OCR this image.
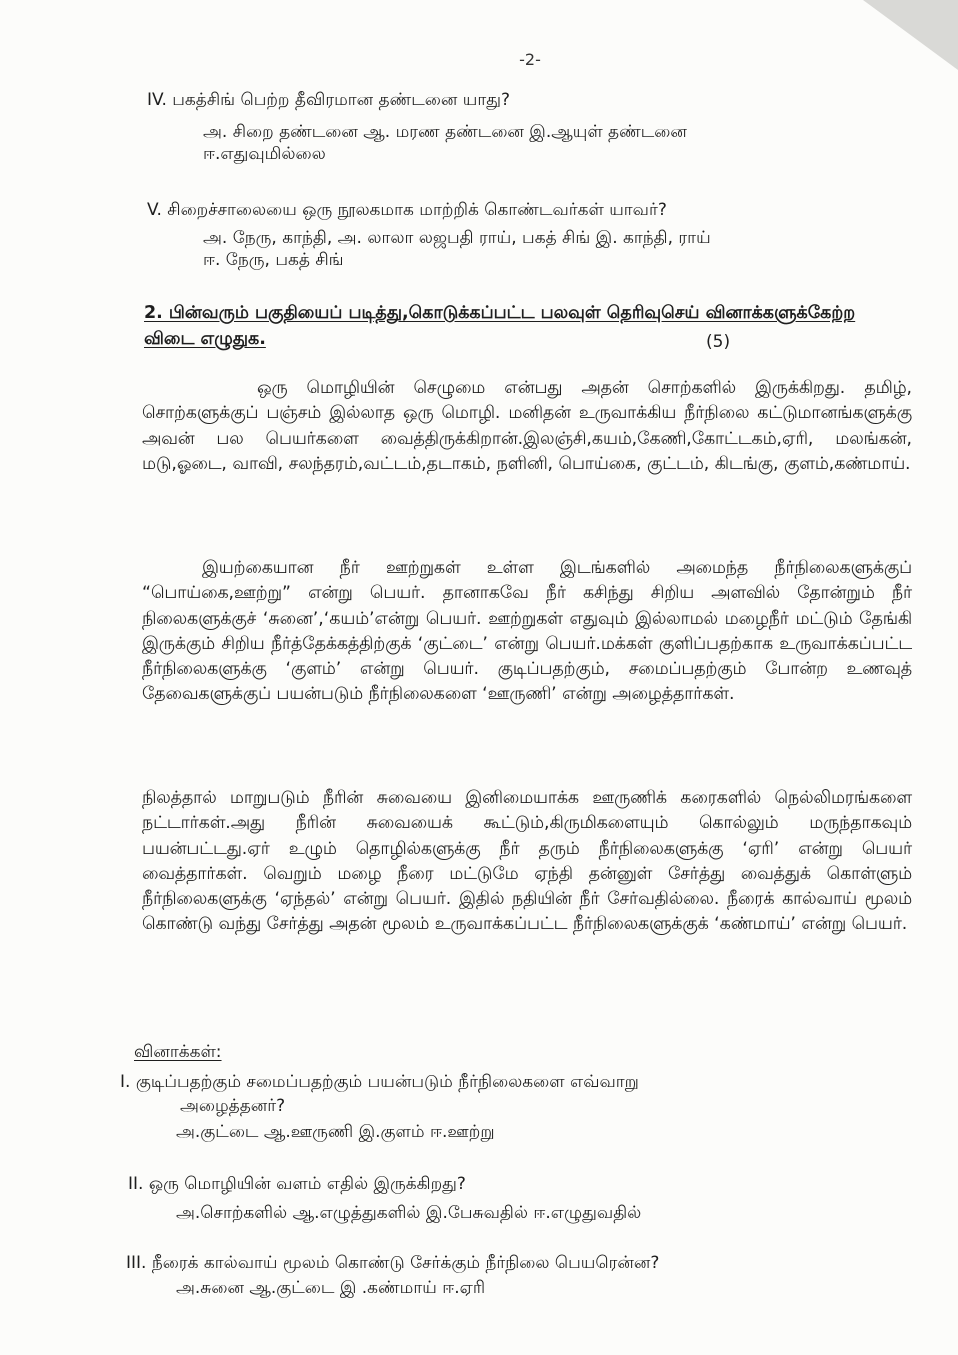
-2-
IV. பகத்சிங் பெற்ற தீவிரமான தண்டனை யாது?
அ. சிறை தண்டனை ஆ. மரண தண்டனை இ.ஆயுள் தண்டனை
ஈ.எதுவுமில்லை
V. சிறைச்சாலையை ஒரு நூலகமாக மாற்றிக் கொண்டவர்கள் யாவர்?
அ. நேரு, காந்தி, அ. லாலா லஜபதி ராய், பகத் சிங் இ. காந்தி, ராய்
ஈ. நேரு, பகத் சிங்
2. பின்வரும் பகுதியைப் படித்து,கொடுக்கப்பட்ட பலவுள் தெரிவுசெய் வினாக்களுக்கேற்ற விடை எழுதுக.	(5)
ஒரு மொழியின் செழுமை என்பது அதன் சொற்களில் இருக்கிறது. தமிழ், சொற்களுக்குப் பஞ்சம் இல்லாத ஒரு மொழி. மனிதன் உருவாக்கிய நீர்நிலை கட்டுமானங்களுக்கு அவன் பல பெயர்களை வைத்திருக்கிறான்.இலஞ்சி,கயம்,கேணி,கோட்டகம்,ஏரி, மலங்கன், மடு,ஓடை, வாவி, சலந்தரம்,வட்டம்,தடாகம், நளினி, பொய்கை, குட்டம், கிடங்கு, குளம்,கண்மாய்.
இயற்கையான நீர் ஊற்றுகள் உள்ள இடங்களில் அமைந்த நீர்நிலைகளுக்குப் “பொய்கை,ஊற்று” என்று பெயர். தானாகவே நீர் கசிந்து சிறிய அளவில் தோன்றும் நீர் நிலைகளுக்குச் ‘சுனை’,‘கயம்’என்று பெயர். ஊற்றுகள் எதுவும் இல்லாமல் மழைநீர் மட்டும் தேங்கி இருக்கும் சிறிய நீர்த்தேக்கத்திற்குக் ‘குட்டை’ என்று பெயர்.மக்கள் குளிப்பதற்காக உருவாக்கப்பட்ட நீர்நிலைகளுக்கு ‘குளம்’ என்று பெயர். குடிப்பதற்கும், சமைப்பதற்கும் போன்ற உணவுத் தேவைகளுக்குப் பயன்படும் நீர்நிலைகளை ‘ஊருணி’ என்று அழைத்தார்கள்.
நிலத்தால் மாறுபடும் நீரின் சுவையை இனிமையாக்க ஊருணிக் கரைகளில் நெல்லிமரங்களை நட்டார்கள்.அது நீரின் சுவையைக் கூட்டும்,கிருமிகளையும் கொல்லும் மருந்தாகவும் பயன்பட்டது.ஏர் உழும் தொழில்களுக்கு நீர் தரும் நீர்நிலைகளுக்கு ‘ஏரி’ என்று பெயர் வைத்தார்கள். வெறும் மழை நீரை மட்டுமே ஏந்தி தன்னுள் சேர்த்து வைத்துக் கொள்ளும் நீர்நிலைகளுக்கு ‘ஏந்தல்’ என்று பெயர். இதில் நதியின் நீர் சேர்வதில்லை. நீரைக் கால்வாய் மூலம் கொண்டு வந்து சேர்த்து அதன் மூலம் உருவாக்கப்பட்ட நீர்நிலைகளுக்குக் ‘கண்மாய்’ என்று பெயர்.
வினாக்கள்:
I. குடிப்பதற்கும் சமைப்பதற்கும் பயன்படும் நீர்நிலைகளை எவ்வாறு
அழைத்தனர்?
அ.குட்டை ஆ.ஊருணி இ.குளம் ஈ.ஊற்று
II. ஒரு மொழியின் வளம் எதில் இருக்கிறது?
அ.சொற்களில் ஆ.எழுத்துகளில் இ.பேசுவதில் ஈ.எழுதுவதில்
III. நீரைக் கால்வாய் மூலம் கொண்டு சேர்க்கும் நீர்நிலை பெயரென்ன?
அ.சுனை ஆ.குட்டை இ .கண்மாய் ஈ.ஏரி
